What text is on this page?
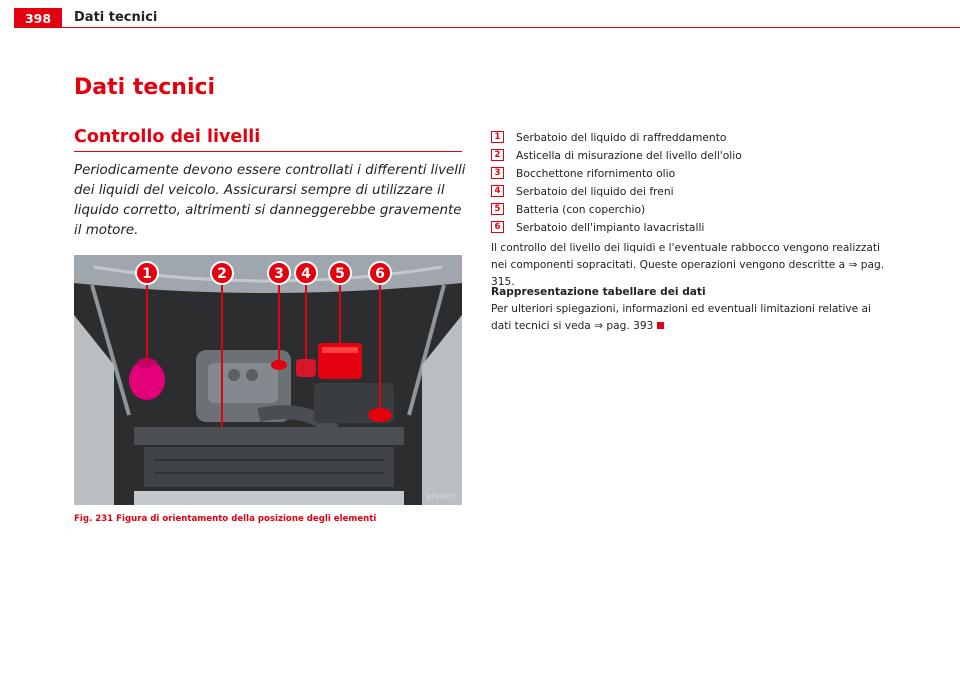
398	Dati tecnici
Dati tecnici
Controllo dei livelli

Periodicamente devono essere controllati i differenti livelli dei liquidi del veicolo. Assicurarsi sempre di utilizzare il liquido corretto, altrimenti si danneggerebbe gravemente il motore.

1	2	3 4 5 6
B7V-0577
Fig. 231 Figura di orientamento della posizione degli elementi
1	Serbatoio del liquido di raffreddamento
2	Asticella di misurazione del livello dell'olio
3	Bocchettone rifornimento olio
4	Serbatoio del liquido dei freni
5	Batteria (con coperchio)
6	Serbatoio dell'impianto lavacristalli

Il controllo del livello dei liquidi e l'eventuale rabbocco vengono realizzati nei componenti sopracitati. Queste operazioni vengono descritte a ⇒ pag. 315.

Rappresentazione tabellare dei dati

Per ulteriori spiegazioni, informazioni ed eventuali limitazioni relative ai dati tecnici si veda ⇒ pag. 393
